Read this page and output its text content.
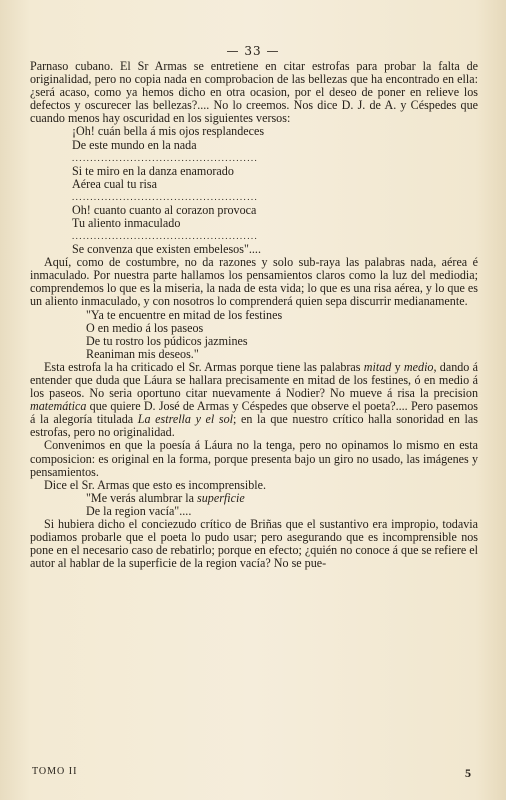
— 33 —

Parnaso cubano. El Sr Armas se entretiene en citar estrofas para probar la falta de originalidad, pero no copia nada en comprobacion de las bellezas que ha encontrado en ella: ¿será acaso, como ya hemos dicho en otra ocasion, por el deseo de poner en relieve los defectos y oscurecer las bellezas?.... No lo creemos. Nos dice D. J. de A. y Céspedes que cuando menos hay oscuridad en los siguientes versos:

¡Oh! cuán bella á mis ojos resplandeces
De este mundo en la nada
...................................................
Si te miro en la danza enamorado
Aérea cual tu risa
...................................................
Oh! cuanto cuanto al corazon provoca
Tu aliento inmaculado
...................................................
Se convenza que existen embelesos"....

Aquí, como de costumbre, no da razones y solo sub-raya las palabras nada, aérea é inmaculado. Por nuestra parte hallamos los pensamientos claros como la luz del mediodia; comprendemos lo que es la miseria, la nada de esta vida; lo que es una risa aérea, y lo que es un aliento inmaculado, y con nosotros lo comprenderá quien sepa discurrir medianamente.

"Ya te encuentre en mitad de los festines
O en medio á los paseos
De tu rostro los púdicos jazmines
Reaniman mis deseos."

Esta estrofa la ha criticado el Sr. Armas porque tiene las palabras mitad y medio, dando á entender que duda que Láura se hallara precisamente en mitad de los festines, ó en medio á los paseos. No seria oportuno citar nuevamente á Nodier? No mueve á risa la precision matemática que quiere D. José de Armas y Céspedes que observe el poeta?.... Pero pasemos á la alegoría titulada La estrella y el sol; en la que nuestro crítico halla sonoridad en las estrofas, pero no originalidad.

Convenimos en que la poesía á Láura no la tenga, pero no opinamos lo mismo en esta composicion: es original en la forma, porque presenta bajo un giro no usado, las imágenes y pensamientos.

Dice el Sr. Armas que esto es incomprensible.

"Me verás alumbrar la superficie
De la region vacía"....

Si hubiera dicho el conciezudo crítico de Briñas que el sustantivo era impropio, todavia podiamos probarle que el poeta lo pudo usar; pero asegurando que es incomprensible nos pone en el necesario caso de rebatirlo; porque en efecto; ¿quién no conoce á que se refiere el autor al hablar de la superficie de la region vacía? No se pue-

TOMO II	5
